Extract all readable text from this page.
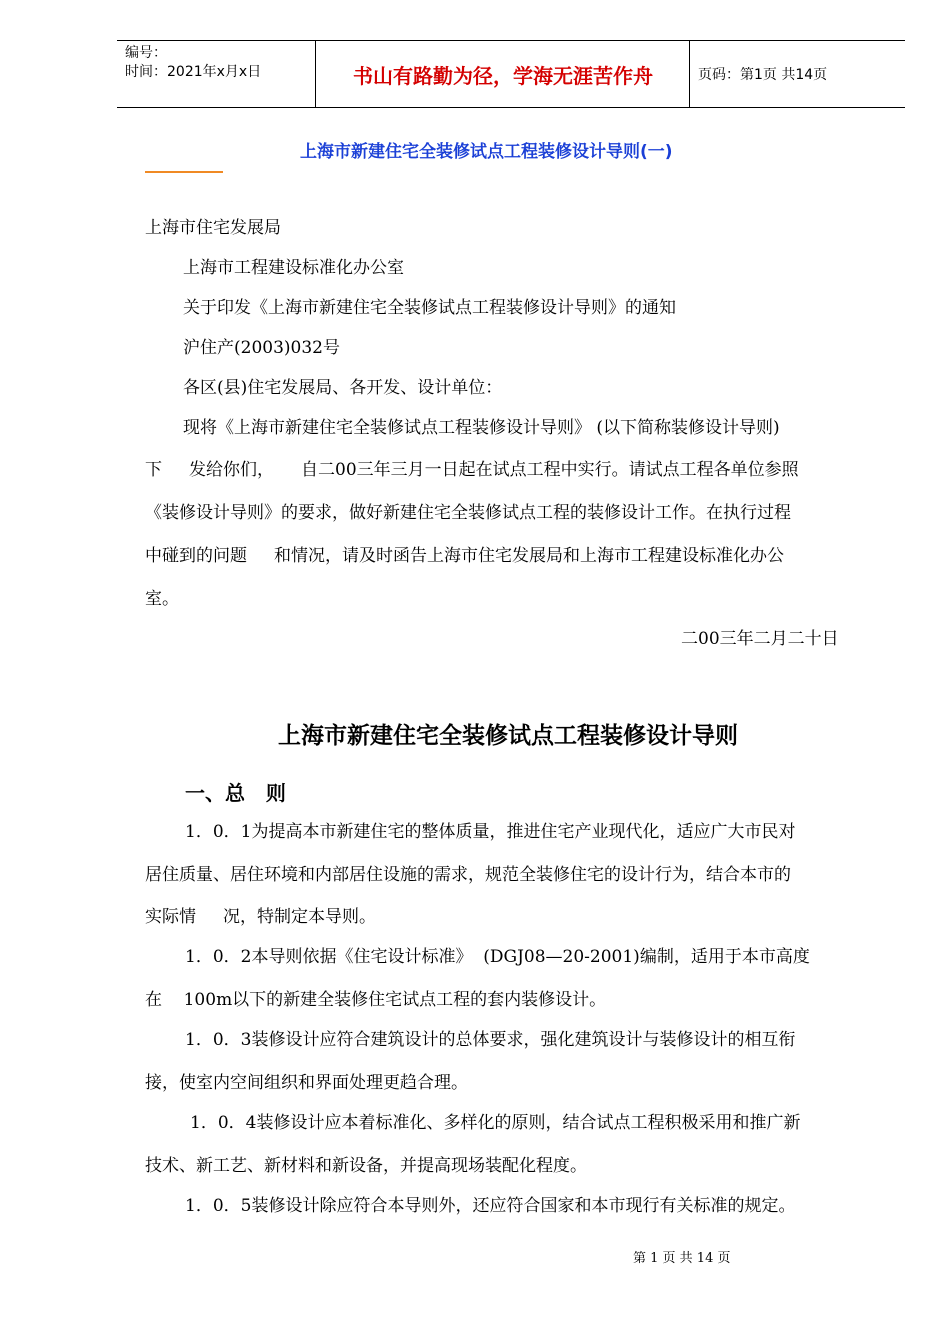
编号：
时间：2021年x月x日	书山有路勤为径，学海无涯苦作舟	页码：第1页 共14页
上海市新建住宅全装修试点工程装修设计导则(一)
上海市住宅发展局
上海市工程建设标准化办公室
关于印发《上海市新建住宅全装修试点工程装修设计导则》的通知
沪住产(2003)032号
各区(县)住宅发展局、各开发、设计单位：
现将《上海市新建住宅全装修试点工程装修设计导则》 (以下简称装修设计导则)
下     发给你们，     自二00三年三月一日起在试点工程中实行。请试点工程各单位参照
《装修设计导则》的要求，做好新建住宅全装修试点工程的装修设计工作。在执行过程
中碰到的问题     和情况，请及时函告上海市住宅发展局和上海市工程建设标准化办公
室。
二00三年二月二十日
上海市新建住宅全装修试点工程装修设计导则
一、总   则
1．0．1为提高本市新建住宅的整体质量，推进住宅产业现代化，适应广大市民对
居住质量、居住环境和内部居住设施的需求，规范全装修住宅的设计行为，结合本市的
实际情     况，特制定本导则。
1．0．2本导则依据《住宅设计标准》  (DGJ08—20-2001)编制，适用于本市高度
在    100m以下的新建全装修住宅试点工程的套内装修设计。
1．0．3装修设计应符合建筑设计的总体要求，强化建筑设计与装修设计的相互衔
接，使室内空间组织和界面处理更趋合理。
1．0．4装修设计应本着标准化、多样化的原则，结合试点工程积极采用和推广新
技术、新工艺、新材料和新设备，并提高现场装配化程度。
1．0．5装修设计除应符合本导则外，还应符合国家和本市现行有关标准的规定。
第 1 页 共 14 页
